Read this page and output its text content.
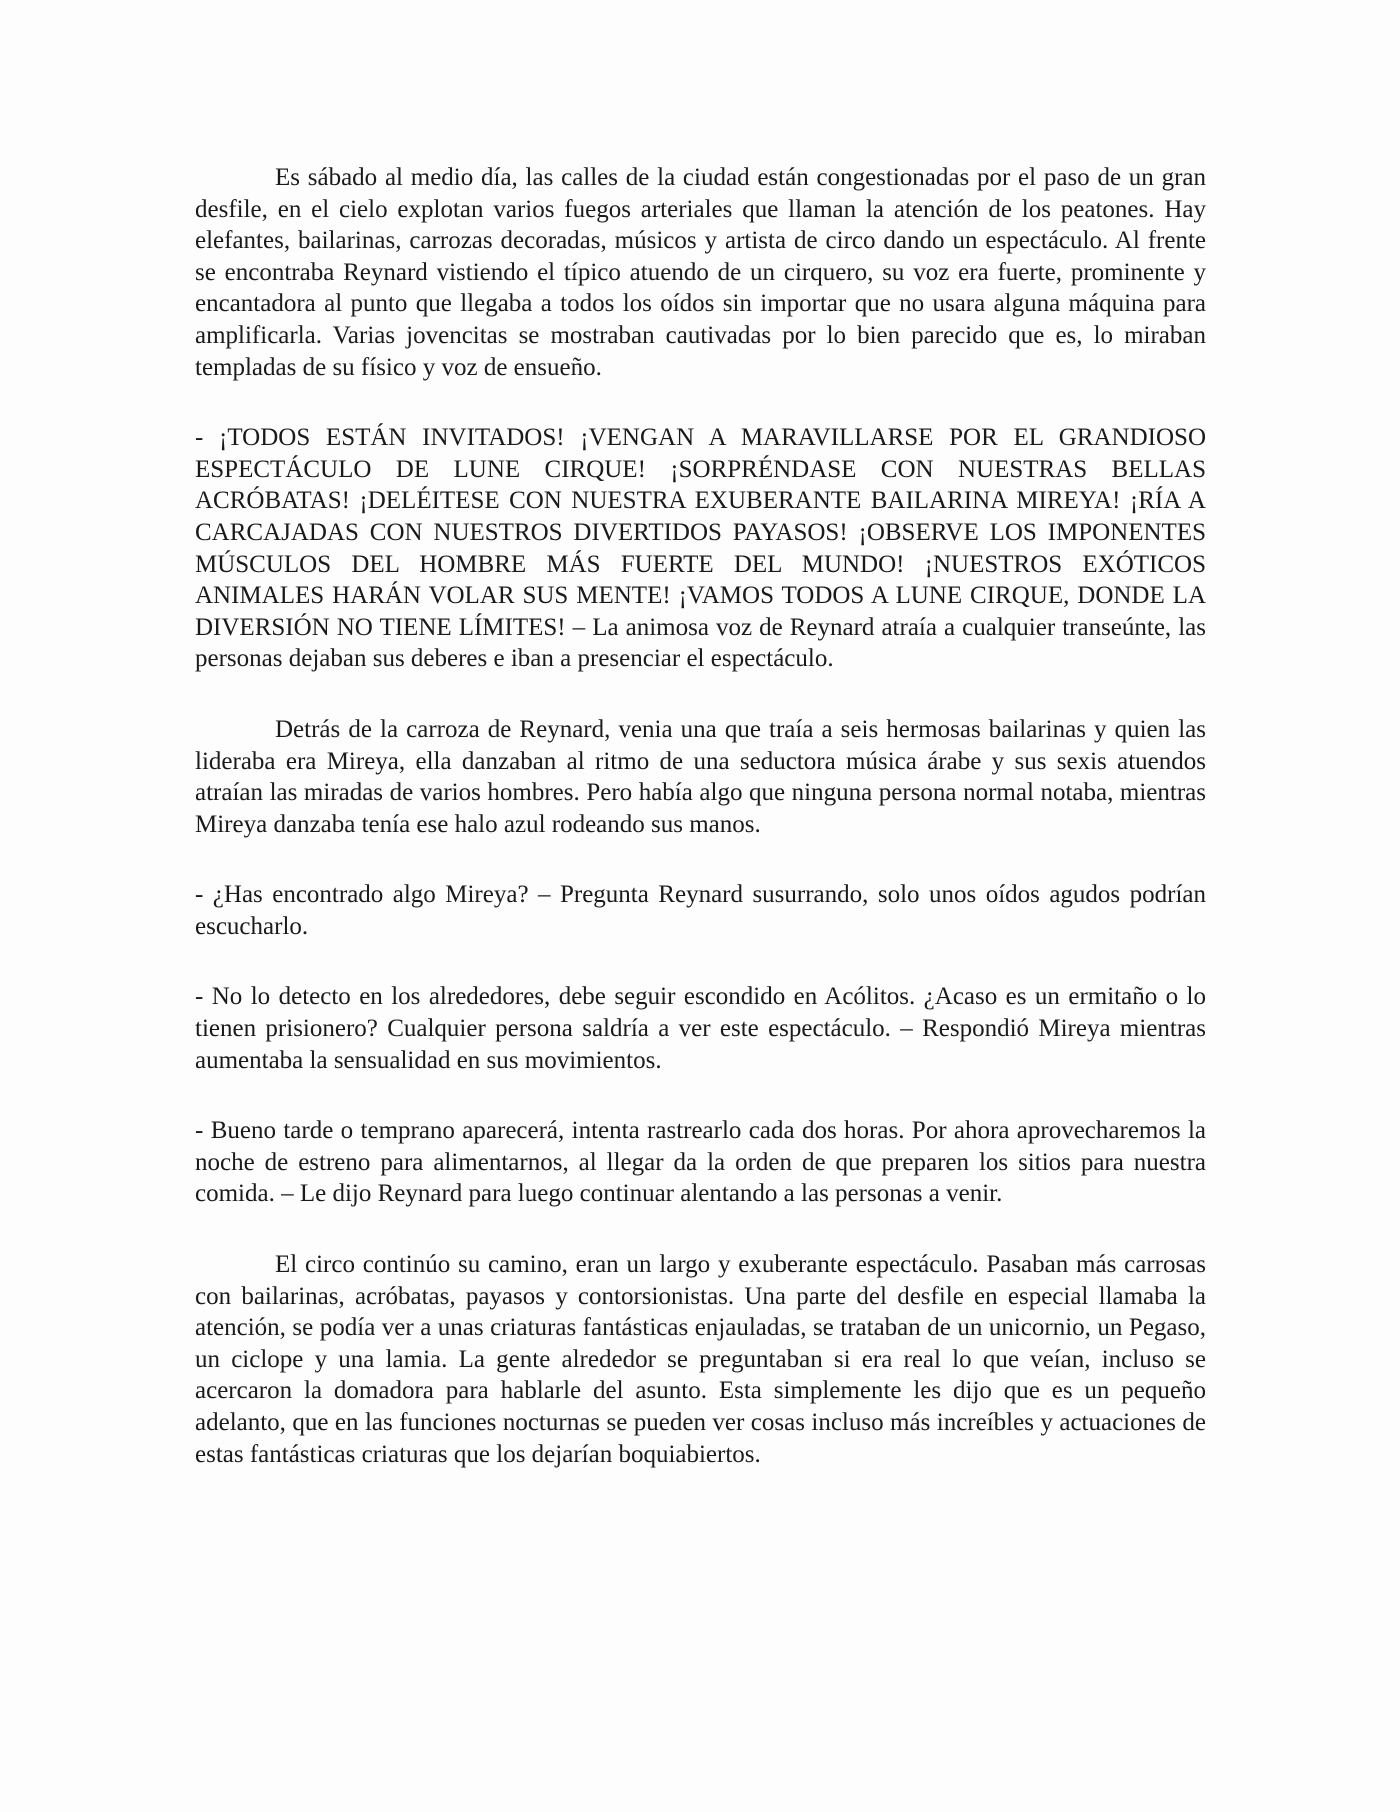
Es sábado al medio día, las calles de la ciudad están congestionadas por el paso de un gran desfile, en el cielo explotan varios fuegos arteriales que llaman la atención de los peatones. Hay elefantes, bailarinas, carrozas decoradas, músicos y artista de circo dando un espectáculo. Al frente se encontraba Reynard vistiendo el típico atuendo de un cirquero, su voz era fuerte, prominente y encantadora al punto que llegaba a todos los oídos sin importar que no usara alguna máquina para amplificarla. Varias jovencitas se mostraban cautivadas por lo bien parecido que es, lo miraban templadas de su físico y voz de ensueño.

- ¡TODOS ESTÁN INVITADOS! ¡VENGAN A MARAVILLARSE POR EL GRANDIOSO ESPECTÁCULO DE LUNE CIRQUE! ¡SORPRÉNDASE CON NUESTRAS BELLAS ACRÓBATAS! ¡DELÉITESE CON NUESTRA EXUBERANTE BAILARINA MIREYA! ¡RÍA A CARCAJADAS CON NUESTROS DIVERTIDOS PAYASOS! ¡OBSERVE LOS IMPONENTES MÚSCULOS DEL HOMBRE MÁS FUERTE DEL MUNDO! ¡NUESTROS EXÓTICOS ANIMALES HARÁN VOLAR SUS MENTE! ¡VAMOS TODOS A LUNE CIRQUE, DONDE LA DIVERSIÓN NO TIENE LÍMITES! – La animosa voz de Reynard atraía a cualquier transeúnte, las personas dejaban sus deberes e iban a presenciar el espectáculo.

Detrás de la carroza de Reynard, venia una que traía a seis hermosas bailarinas y quien las lideraba era Mireya, ella danzaban al ritmo de una seductora música árabe y sus sexis atuendos atraían las miradas de varios hombres. Pero había algo que ninguna persona normal notaba, mientras Mireya danzaba tenía ese halo azul rodeando sus manos.

- ¿Has encontrado algo Mireya? – Pregunta Reynard susurrando, solo unos oídos agudos podrían escucharlo.

- No lo detecto en los alrededores, debe seguir escondido en Acólitos. ¿Acaso es un ermitaño o lo tienen prisionero? Cualquier persona saldría a ver este espectáculo. – Respondió Mireya mientras aumentaba la sensualidad en sus movimientos.

- Bueno tarde o temprano aparecerá, intenta rastrearlo cada dos horas. Por ahora aprovecharemos la noche de estreno para alimentarnos, al llegar da la orden de que preparen los sitios para nuestra comida. – Le dijo Reynard para luego continuar alentando a las personas a venir.

El circo continúo su camino, eran un largo y exuberante espectáculo. Pasaban más carrosas con bailarinas, acróbatas, payasos y contorsionistas. Una parte del desfile en especial llamaba la atención, se podía ver a unas criaturas fantásticas enjauladas, se trataban de un unicornio, un Pegaso, un ciclope y una lamia. La gente alrededor se preguntaban si era real lo que veían, incluso se acercaron la domadora para hablarle del asunto. Esta simplemente les dijo que es un pequeño adelanto, que en las funciones nocturnas se pueden ver cosas incluso más increíbles y actuaciones de estas fantásticas criaturas que los dejarían boquiabiertos.
